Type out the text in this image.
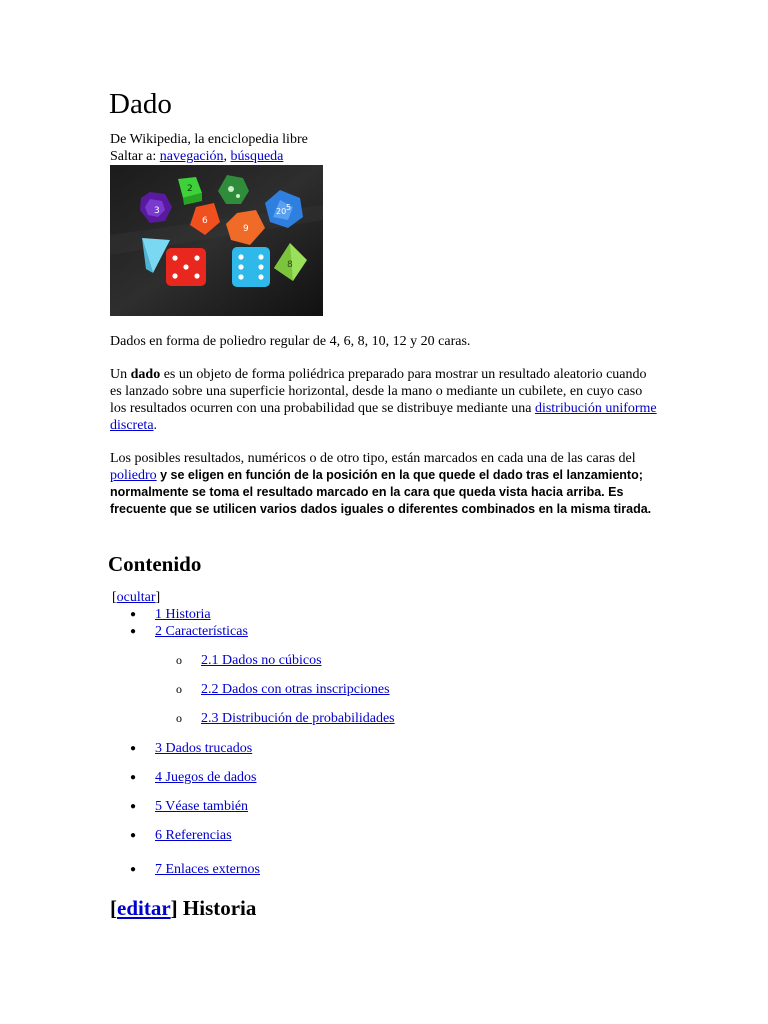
Dado
De Wikipedia, la enciclopedia libre
Saltar a: navegación, búsqueda
3
2
6
20 5
9
8
Dados en forma de poliedro regular de 4, 6, 8, 10, 12 y 20 caras.

Un dado es un objeto de forma poliédrica preparado para mostrar un resultado aleatorio cuando es lanzado sobre una superficie horizontal, desde la mano o mediante un cubilete, en cuyo caso los resultados ocurren con una probabilidad que se distribuye mediante una distribución uniforme discreta.

Los posibles resultados, numéricos o de otro tipo, están marcados en cada una de las caras del poliedro y se eligen en función de la posición en la que quede el dado tras el lanzamiento; normalmente se toma el resultado marcado en la cara que queda vista hacia arriba. Es frecuente que se utilicen varios dados iguales o diferentes combinados en la misma tirada.

Contenido
[ocultar]
● 1 Historia
● 2 Características
o 2.1 Dados no cúbicos
o 2.2 Dados con otras inscripciones
o 2.3 Distribución de probabilidades
● 3 Dados trucados
● 4 Juegos de dados
● 5 Véase también
● 6 Referencias
● 7 Enlaces externos
[editar] Historia
